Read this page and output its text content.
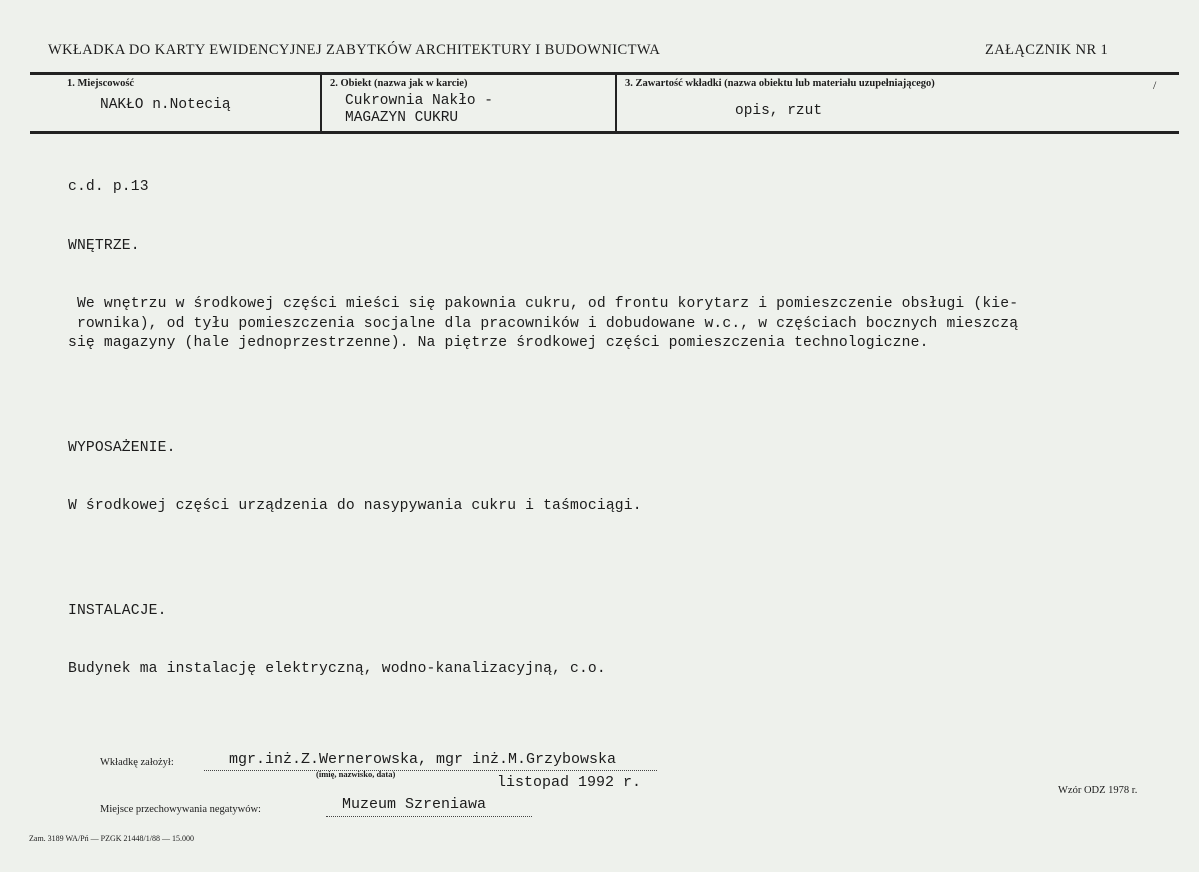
WKŁADKA DO KARTY EWIDENCYJNEJ ZABYTKÓW ARCHITEKTURY I BUDOWNICTWA	ZAŁĄCZNIK NR 1
1. Miejscowość
NAKŁO n.Notecią
2. Obiekt (nazwa jak w karcie)
Cukrownia Nakło -
MAGAZYN CUKRU
3. Zawartość wkładki (nazwa obiektu lub materiału uzupełniającego)
opis, rzut
/

c.d. p.13

WNĘTRZE.

We wnętrzu w środkowej części mieści się pakownia cukru, od frontu korytarz i pomieszczenie obsługi (kie-
rownika), od tyłu pomieszczenia socjalne dla pracowników i dobudowane w.c., w częściach bocznych mieszczą
się magazyny (hale jednoprzestrzenne). Na piętrze środkowej części pomieszczenia technologiczne.

WYPOSAŻENIE.

W środkowej części urządzenia do nasypywania cukru i taśmociągi.

INSTALACJE.

Budynek ma instalację elektryczną, wodno-kanalizacyjną, c.o.

Wkładkę założył:	mgr.inż.Z.Wernerowska, mgr inż.M.Grzybowska
(imię, nazwisko, data)	listopad 1992 r.
Miejsce przechowywania negatywów:	Muzeum Szreniawa
Wzór ODZ 1978 r.
Zam. 3189 WA/Pń — PZGK 21448/1/88 — 15.000
